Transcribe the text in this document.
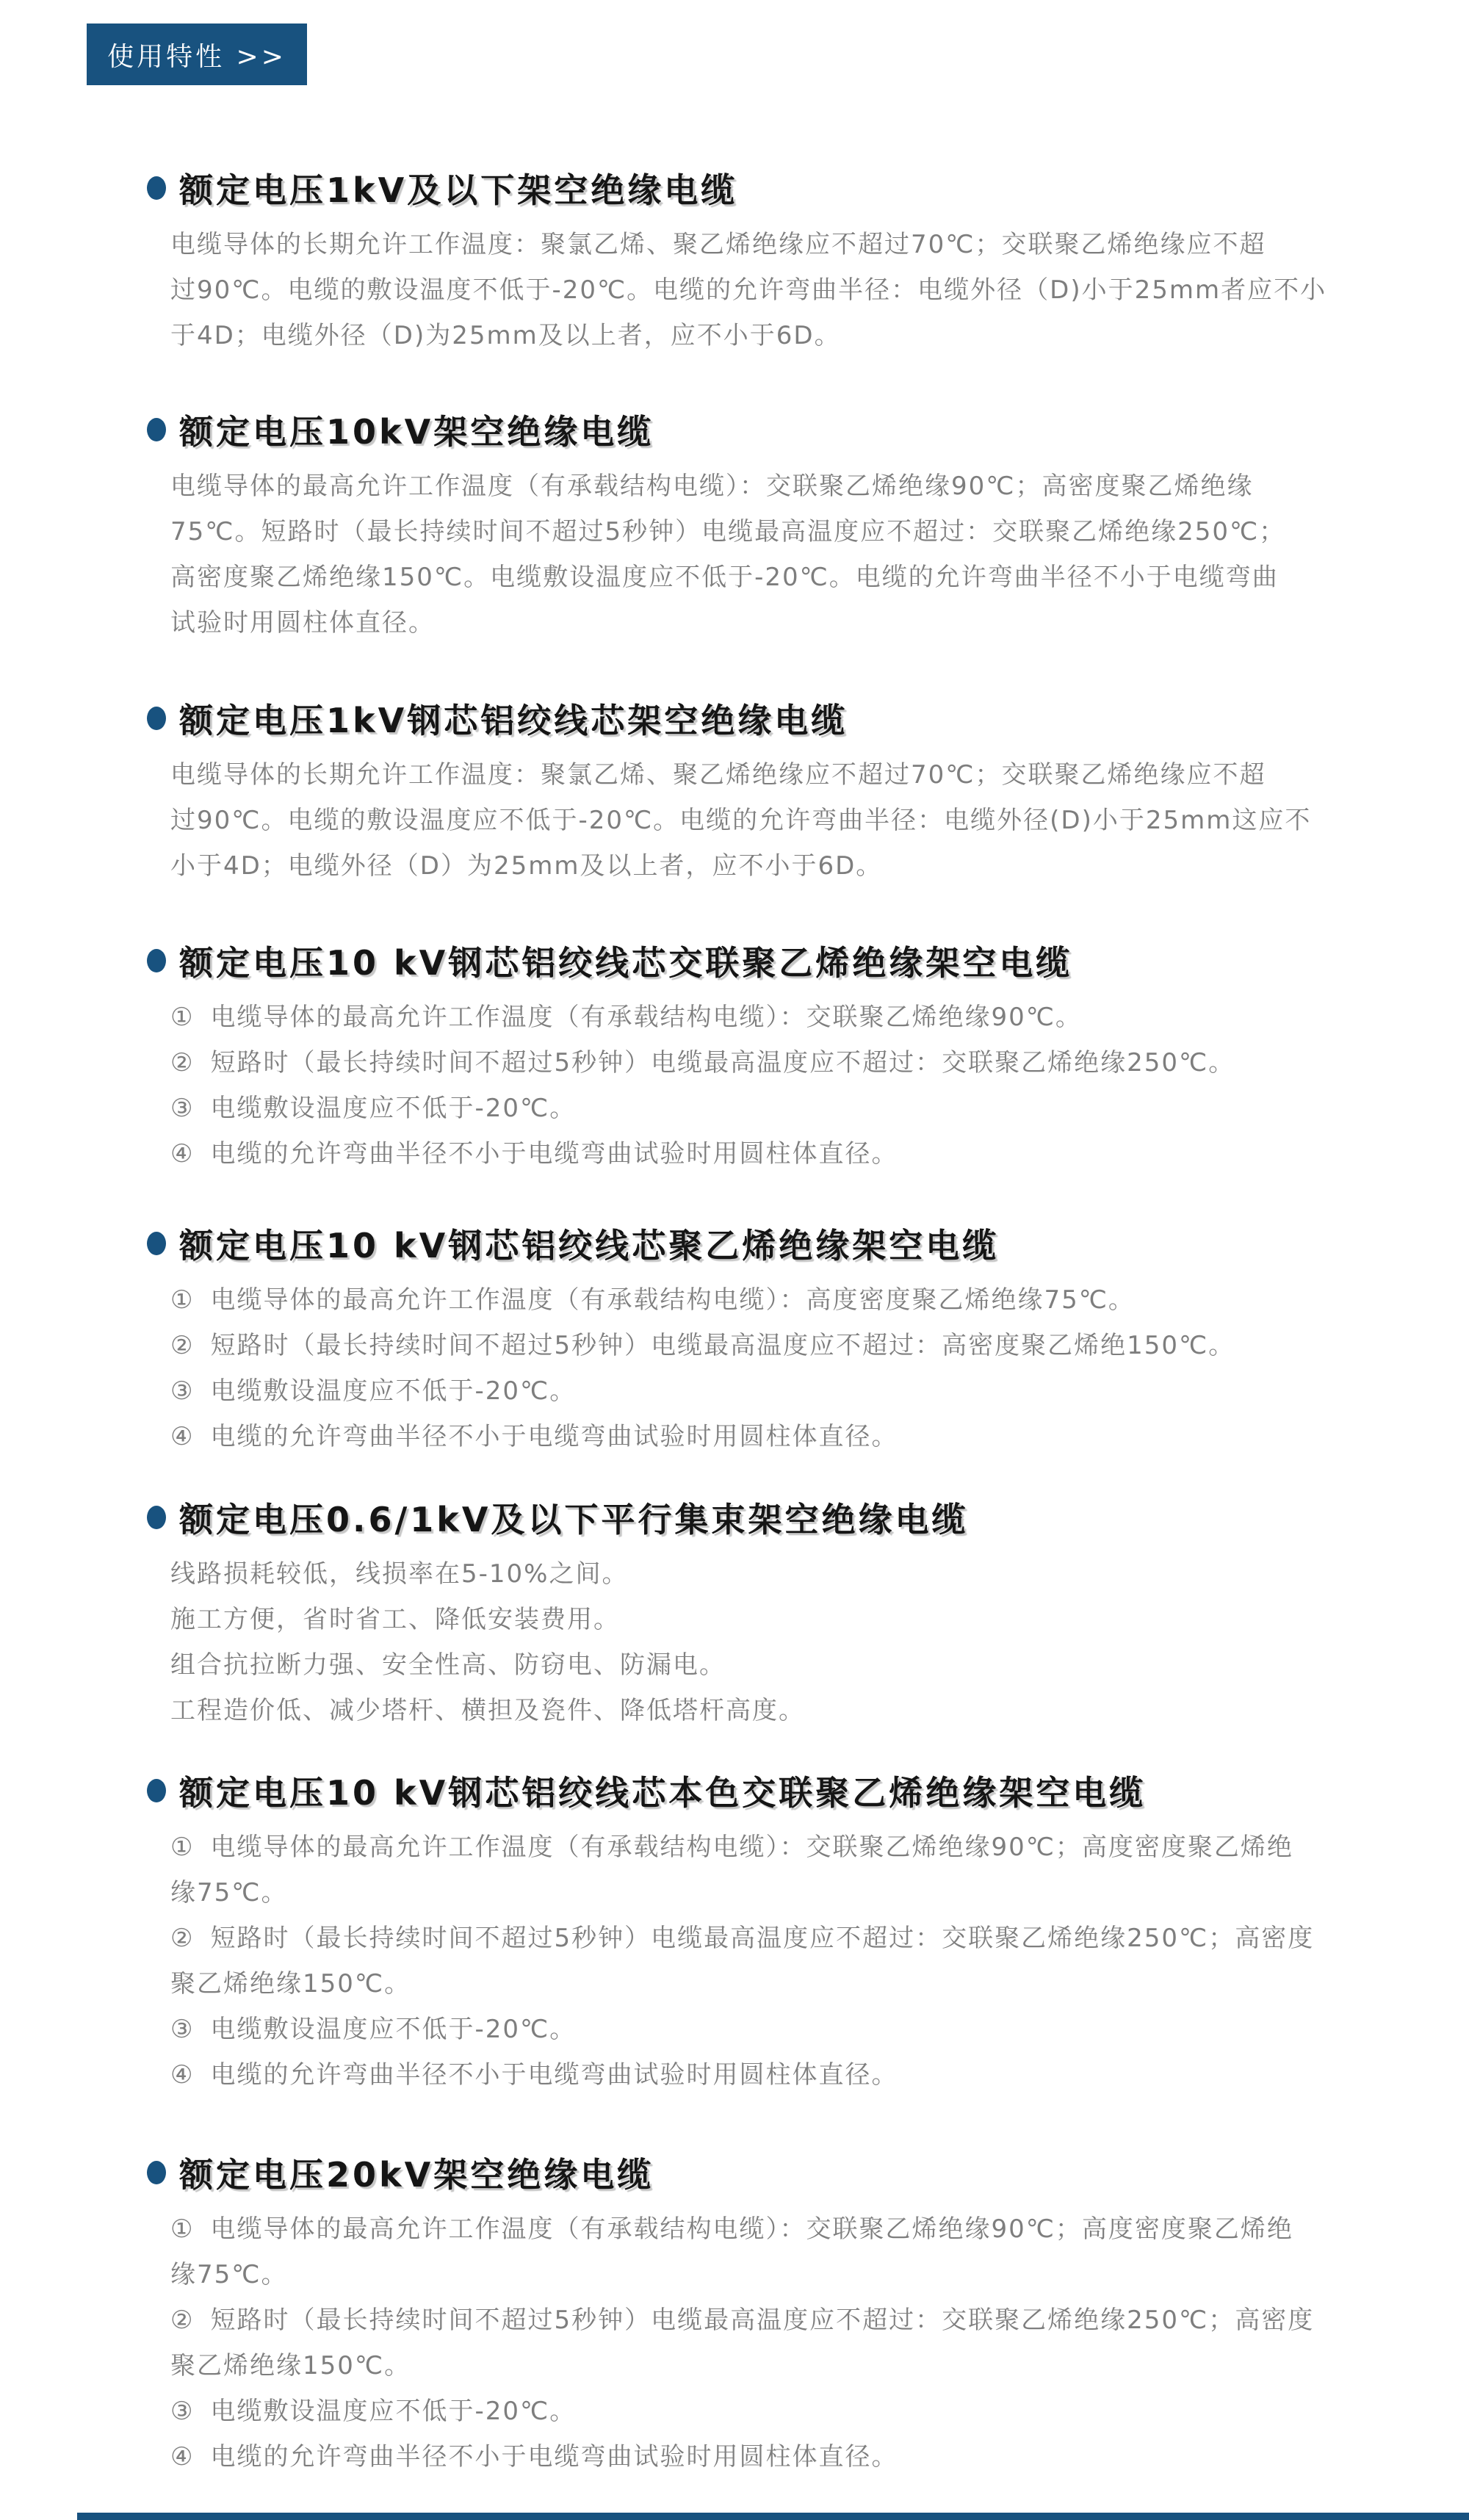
使用特性 >>
额定电压1kV及以下架空绝缘电缆
电缆导体的长期允许工作温度：聚氯乙烯、聚乙烯绝缘应不超过70℃；交联聚乙烯绝缘应不超
过90℃。电缆的敷设温度不低于-20℃。电缆的允许弯曲半径：电缆外径（D)小于25mm者应不小
于4D；电缆外径（D)为25mm及以上者，应不小于6D。
额定电压10kV架空绝缘电缆
电缆导体的最高允许工作温度（有承载结构电缆）：交联聚乙烯绝缘90℃；高密度聚乙烯绝缘
75℃。短路时（最长持续时间不超过5秒钟）电缆最高温度应不超过：交联聚乙烯绝缘250℃；
高密度聚乙烯绝缘150℃。电缆敷设温度应不低于-20℃。电缆的允许弯曲半径不小于电缆弯曲
试验时用圆柱体直径。
额定电压1kV钢芯铝绞线芯架空绝缘电缆
电缆导体的长期允许工作温度：聚氯乙烯、聚乙烯绝缘应不超过70℃；交联聚乙烯绝缘应不超
过90℃。电缆的敷设温度应不低于-20℃。电缆的允许弯曲半径：电缆外径(D)小于25mm这应不
小于4D；电缆外径（D）为25mm及以上者，应不小于6D。
额定电压10 kV钢芯铝绞线芯交联聚乙烯绝缘架空电缆
① 电缆导体的最高允许工作温度（有承载结构电缆）：交联聚乙烯绝缘90℃。
② 短路时（最长持续时间不超过5秒钟）电缆最高温度应不超过：交联聚乙烯绝缘250℃。
③ 电缆敷设温度应不低于-20℃。
④ 电缆的允许弯曲半径不小于电缆弯曲试验时用圆柱体直径。
额定电压10 kV钢芯铝绞线芯聚乙烯绝缘架空电缆
① 电缆导体的最高允许工作温度（有承载结构电缆）：高度密度聚乙烯绝缘75℃。
② 短路时（最长持续时间不超过5秒钟）电缆最高温度应不超过：高密度聚乙烯绝150℃。
③ 电缆敷设温度应不低于-20℃。
④ 电缆的允许弯曲半径不小于电缆弯曲试验时用圆柱体直径。
额定电压0.6/1kV及以下平行集束架空绝缘电缆
线路损耗较低，线损率在5-10%之间。
施工方便，省时省工、降低安装费用。
组合抗拉断力强、安全性高、防窃电、防漏电。
工程造价低、减少塔杆、横担及瓷件、降低塔杆高度。
额定电压10 kV钢芯铝绞线芯本色交联聚乙烯绝缘架空电缆
① 电缆导体的最高允许工作温度（有承载结构电缆）：交联聚乙烯绝缘90℃；高度密度聚乙烯绝
缘75℃。
② 短路时（最长持续时间不超过5秒钟）电缆最高温度应不超过：交联聚乙烯绝缘250℃；高密度
聚乙烯绝缘150℃。
③ 电缆敷设温度应不低于-20℃。
④ 电缆的允许弯曲半径不小于电缆弯曲试验时用圆柱体直径。
额定电压20kV架空绝缘电缆
① 电缆导体的最高允许工作温度（有承载结构电缆）：交联聚乙烯绝缘90℃；高度密度聚乙烯绝
缘75℃。
② 短路时（最长持续时间不超过5秒钟）电缆最高温度应不超过：交联聚乙烯绝缘250℃；高密度
聚乙烯绝缘150℃。
③ 电缆敷设温度应不低于-20℃。
④ 电缆的允许弯曲半径不小于电缆弯曲试验时用圆柱体直径。
